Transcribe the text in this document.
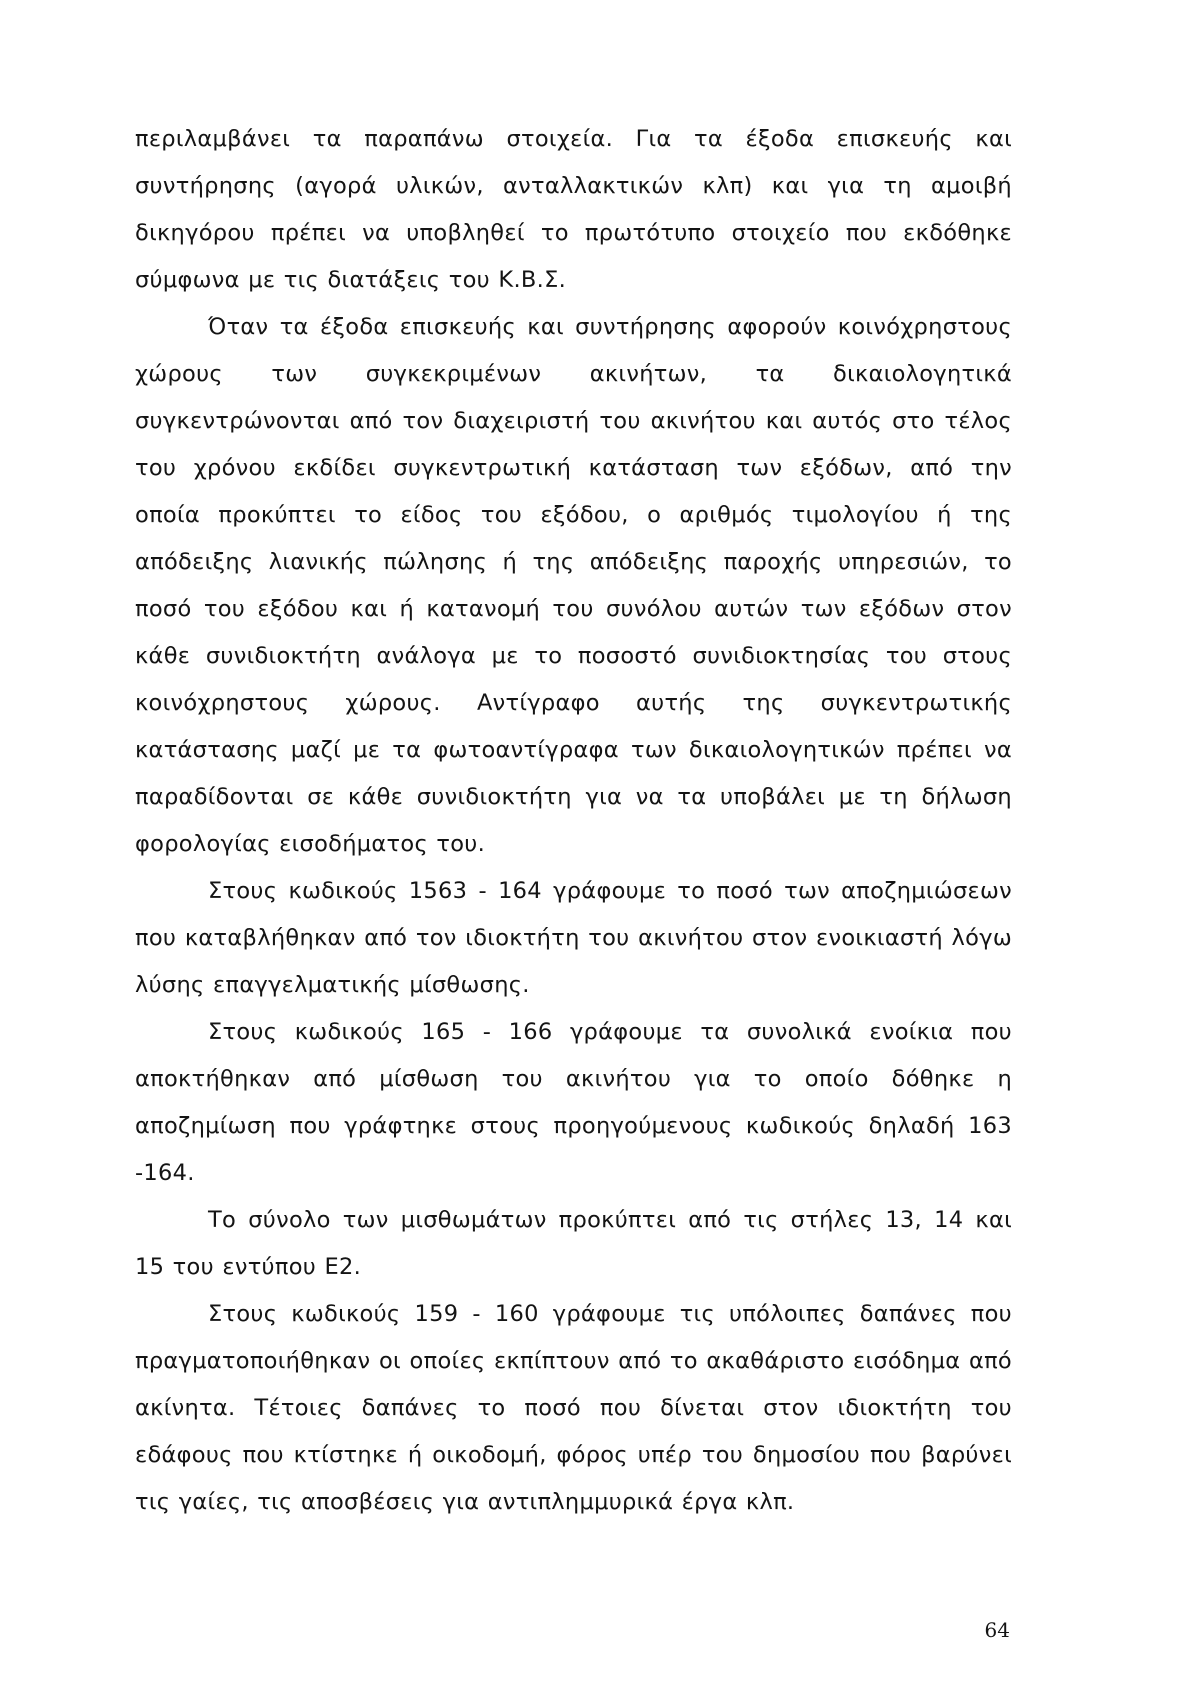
περιλαμβάνει τα παραπάνω στοιχεία. Για τα έξοδα επισκευής και συντήρησης (αγορά υλικών, ανταλλακτικών κλπ) και για τη αμοιβή δικηγόρου πρέπει να υποβληθεί το πρωτότυπο στοιχείο που εκδόθηκε σύμφωνα με τις διατάξεις του Κ.Β.Σ.

Όταν τα έξοδα επισκευής και συντήρησης αφορούν κοινόχρηστους χώρους των συγκεκριμένων ακινήτων, τα δικαιολογητικά συγκεντρώνονται από τον διαχειριστή του ακινήτου και αυτός στο τέλος του χρόνου εκδίδει συγκεντρωτική κατάσταση των εξόδων, από την οποία προκύπτει το είδος του εξόδου, ο αριθμός τιμολογίου ή της απόδειξης λιανικής πώλησης ή της απόδειξης παροχής υπηρεσιών, το ποσό του εξόδου και ή κατανομή του συνόλου αυτών των εξόδων στον κάθε συνιδιοκτήτη ανάλογα με το ποσοστό συνιδιοκτησίας του στους κοινόχρηστους χώρους. Αντίγραφο αυτής της συγκεντρωτικής κατάστασης μαζί με τα φωτοαντίγραφα των δικαιολογητικών πρέπει να παραδίδονται σε κάθε συνιδιοκτήτη για να τα υποβάλει με τη δήλωση φορολογίας εισοδήματος του.

Στους κωδικούς 1563 - 164 γράφουμε το ποσό των αποζημιώσεων που καταβλήθηκαν από τον ιδιοκτήτη του ακινήτου στον ενοικιαστή λόγω λύσης επαγγελματικής μίσθωσης.

Στους κωδικούς 165 - 166 γράφουμε τα συνολικά ενοίκια που αποκτήθηκαν από μίσθωση του ακινήτου για το οποίο δόθηκε η αποζημίωση που γράφτηκε στους προηγούμενους κωδικούς δηλαδή 163 -164.

Το σύνολο των μισθωμάτων προκύπτει από τις στήλες 13, 14 και 15 του εντύπου Ε2.

Στους κωδικούς 159 - 160 γράφουμε τις υπόλοιπες δαπάνες που πραγματοποιήθηκαν οι οποίες εκπίπτουν από το ακαθάριστο εισόδημα από ακίνητα. Τέτοιες δαπάνες το ποσό που δίνεται στον ιδιοκτήτη του εδάφους που κτίστηκε ή οικοδομή, φόρος υπέρ του δημοσίου που βαρύνει τις γαίες, τις αποσβέσεις για αντιπλημμυρικά έργα κλπ.

64
